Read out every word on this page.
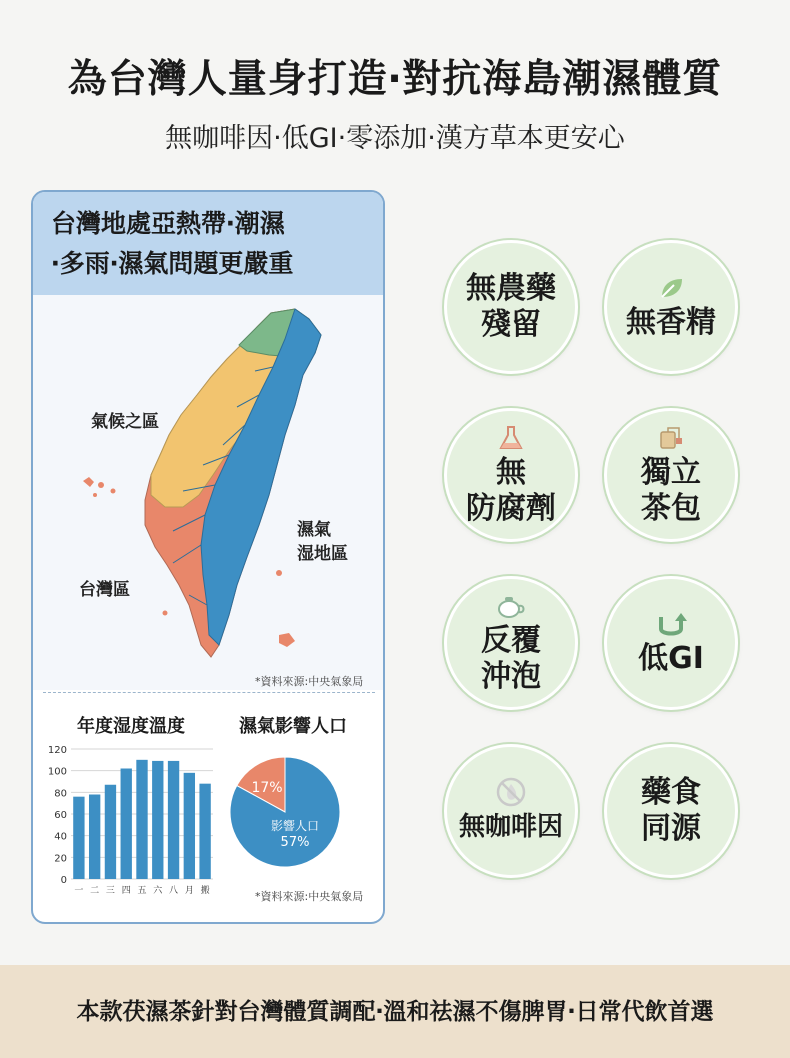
為台灣人量身打造‧對抗海島潮濕體質
無咖啡因‧低GI‧零添加‧漢方草本更安心
台灣地處亞熱帶‧潮濕
‧多雨‧濕氣問題更嚴重
氣候之區
濕氣
湿地區
台灣區
*資料來源:中央氣象局
年度湿度溫度	濕氣影響人口
0
20
40
60
80
100
120
一 二 三 四 五 六 八 月 搬
17%
影響人口
57%
*資料來源:中央氣象局
無農藥
殘留	無香精
無
防腐劑
獨立
茶包
反覆
沖泡
低GI
無咖啡因
藥食
同源
本款茯濕茶針對台灣體質調配‧溫和祛濕不傷脾胃‧日常代飲首選
